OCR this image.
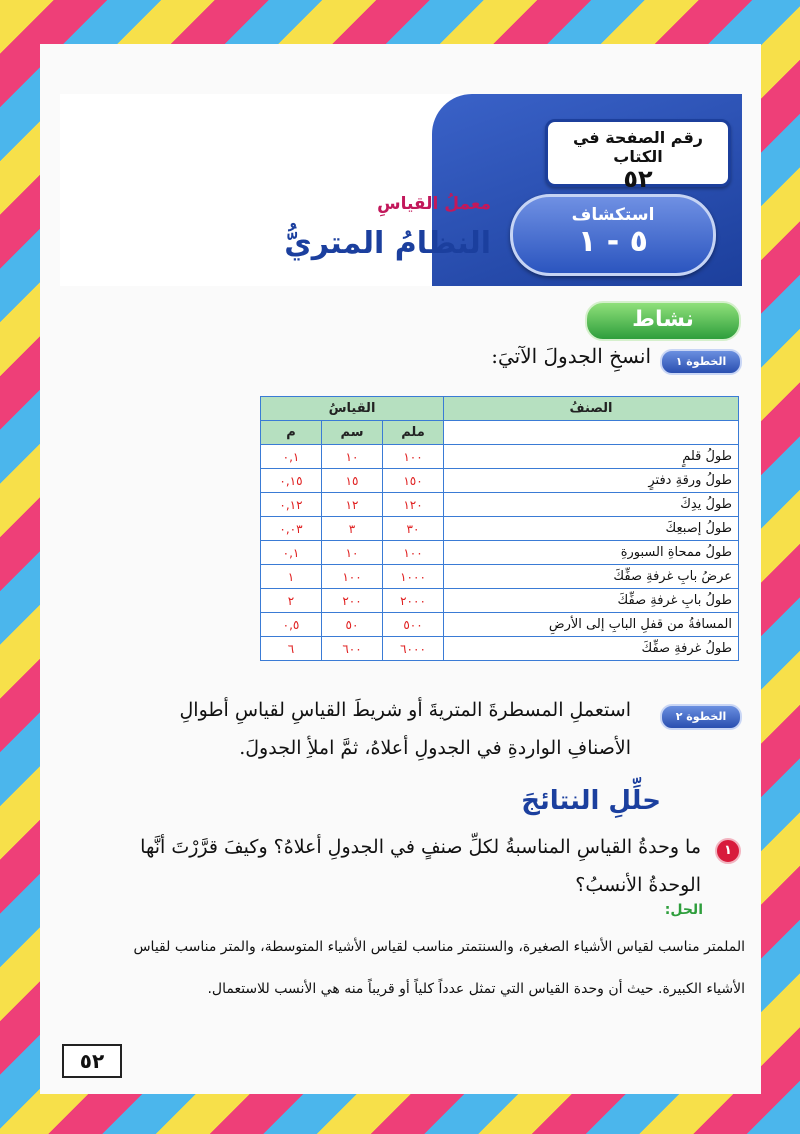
رقم الصفحة في الكتاب
٥٢
استكشاف
٥ - ١
معملُ القياسِ
النظامُ المتريُّ
نشاط
الخطوة ١
انسخِ الجدولَ الآتيَ:
الصنفُ	القياسُ		
	ملم	سم	م
طولُ قلمٍ	١٠٠	١٠	٠,١
طولُ ورقةِ دفترٍ	١٥٠	١٥	٠,١٥
طولُ يدِكَ	١٢٠	١٢	٠,١٢
طولُ إصبعِكَ	٣٠	٣	٠,٠٣
طولُ ممحاةِ السبورةِ	١٠٠	١٠	٠,١
عرضُ بابِ غرفةِ صفِّكَ	١٠٠٠	١٠٠	١
طولُ بابِ غرفةِ صفِّكَ	٢٠٠٠	٢٠٠	٢
المسافةُ من قفلِ البابِ إلى الأرضِ	٥٠٠	٥٠	٠,٥
طولُ غرفةِ صفِّكَ	٦٠٠٠	٦٠٠	٦
الخطوة ٢
استعملِ المسطرةَ المتريةَ أو شريطَ القياسِ لقياسِ أطوالِ
الأصنافِ الواردةِ في الجدولِ أعلاهُ، ثمَّ املأِ الجدولَ.
حلِّلِ النتائجَ
١
ما وحدةُ القياسِ المناسبةُ لكلِّ صنفٍ في الجدولِ أعلاهُ؟ وكيفَ قرَّرْتَ أنَّها
الوحدةُ الأنسبُ؟
الحل:
الملمتر مناسب لقياس الأشياء الصغيرة، والسنتمتر مناسب لقياس الأشياء المتوسطة، والمتر مناسب لقياس
الأشياء الكبيرة. حيث أن وحدة القياس التي تمثل عدداً كلياً أو قريباً منه هي الأنسب للاستعمال.
٥٢
